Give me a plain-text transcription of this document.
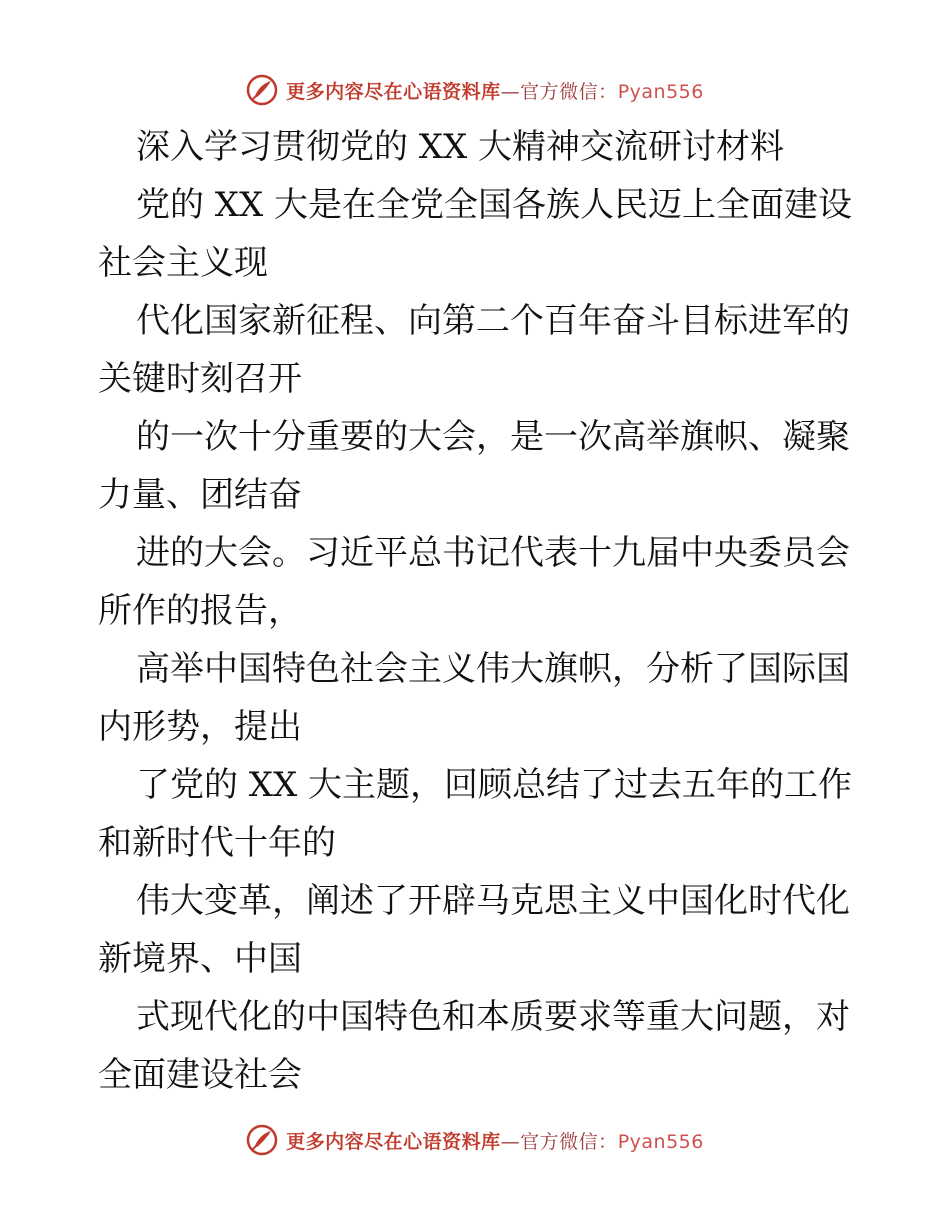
更多内容尽在心语资料库—官方微信：Pyan556
深入学习贯彻党的 XX 大精神交流研讨材料
党的 XX 大是在全党全国各族人民迈上全面建设
社会主义现
代化国家新征程、向第二个百年奋斗目标进军的
关键时刻召开
的一次十分重要的大会，是一次高举旗帜、凝聚
力量、团结奋
进的大会。习近平总书记代表十九届中央委员会
所作的报告，
高举中国特色社会主义伟大旗帜，分析了国际国
内形势，提出
了党的 XX 大主题，回顾总结了过去五年的工作
和新时代十年的
伟大变革，阐述了开辟马克思主义中国化时代化
新境界、中国
式现代化的中国特色和本质要求等重大问题，对
全面建设社会
更多内容尽在心语资料库—官方微信：Pyan556
